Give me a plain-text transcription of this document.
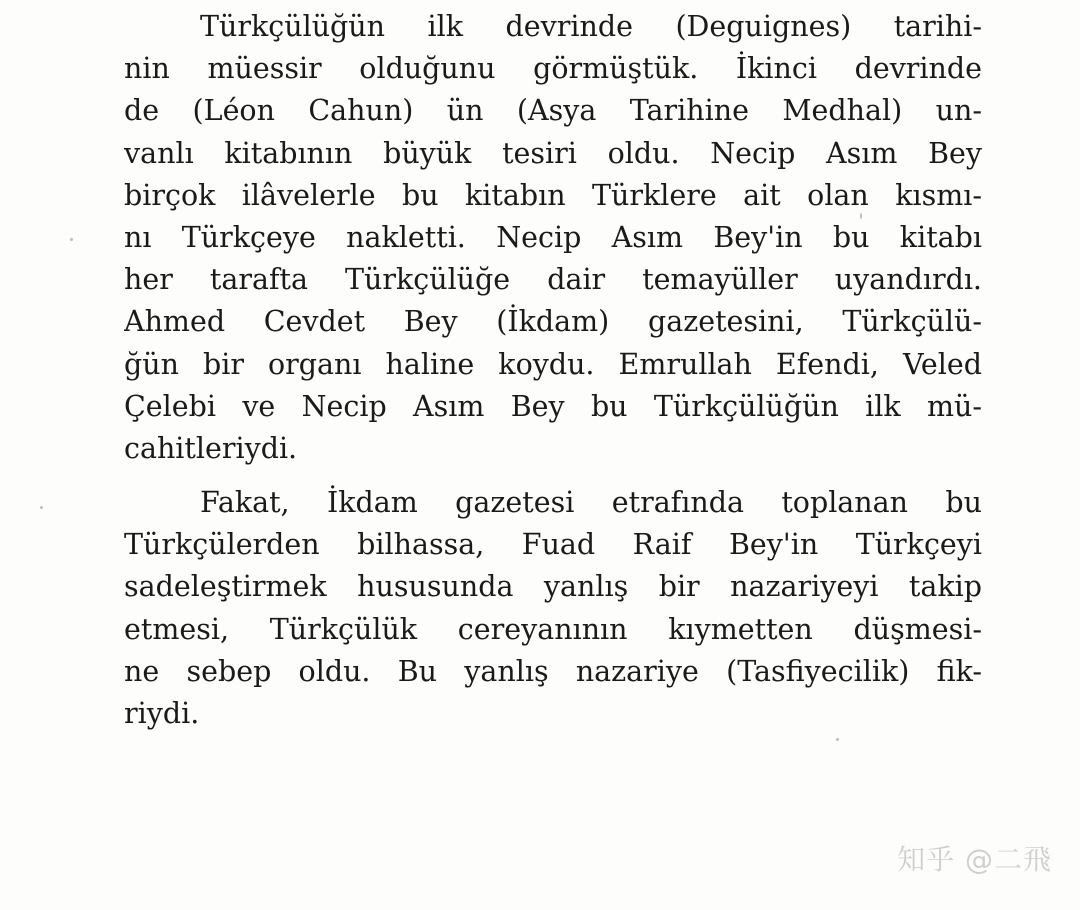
Türkçülüğün ilk devrinde (Deguignes) tarihi-
nin müessir olduğunu görmüştük. İkinci devrinde
de (Léon Cahun) ün (Asya Tarihine Medhal) un-
vanlı kitabının büyük tesiri oldu. Necip Asım Bey
birçok ilâvelerle bu kitabın Türklere ait olan kısmı-
nı Türkçeye nakletti. Necip Asım Bey'in bu kitabı
her tarafta Türkçülüğe dair temayüller uyandırdı.
Ahmed Cevdet Bey (İkdam) gazetesini, Türkçülü-
ğün bir organı haline koydu. Emrullah Efendi, Veled
Çelebi ve Necip Asım Bey bu Türkçülüğün ilk mü-
cahitleriydi.
Fakat, İkdam gazetesi etrafında toplanan bu
Türkçülerden bilhassa, Fuad Raif Bey'in Türkçeyi
sadeleştirmek hususunda yanlış bir nazariyeyi takip
etmesi, Türkçülük cereyanının kıymetten düşmesi-
ne sebep oldu. Bu yanlış nazariye (Tasfiyecilik) fik-
riydi.
知乎 @二飛
